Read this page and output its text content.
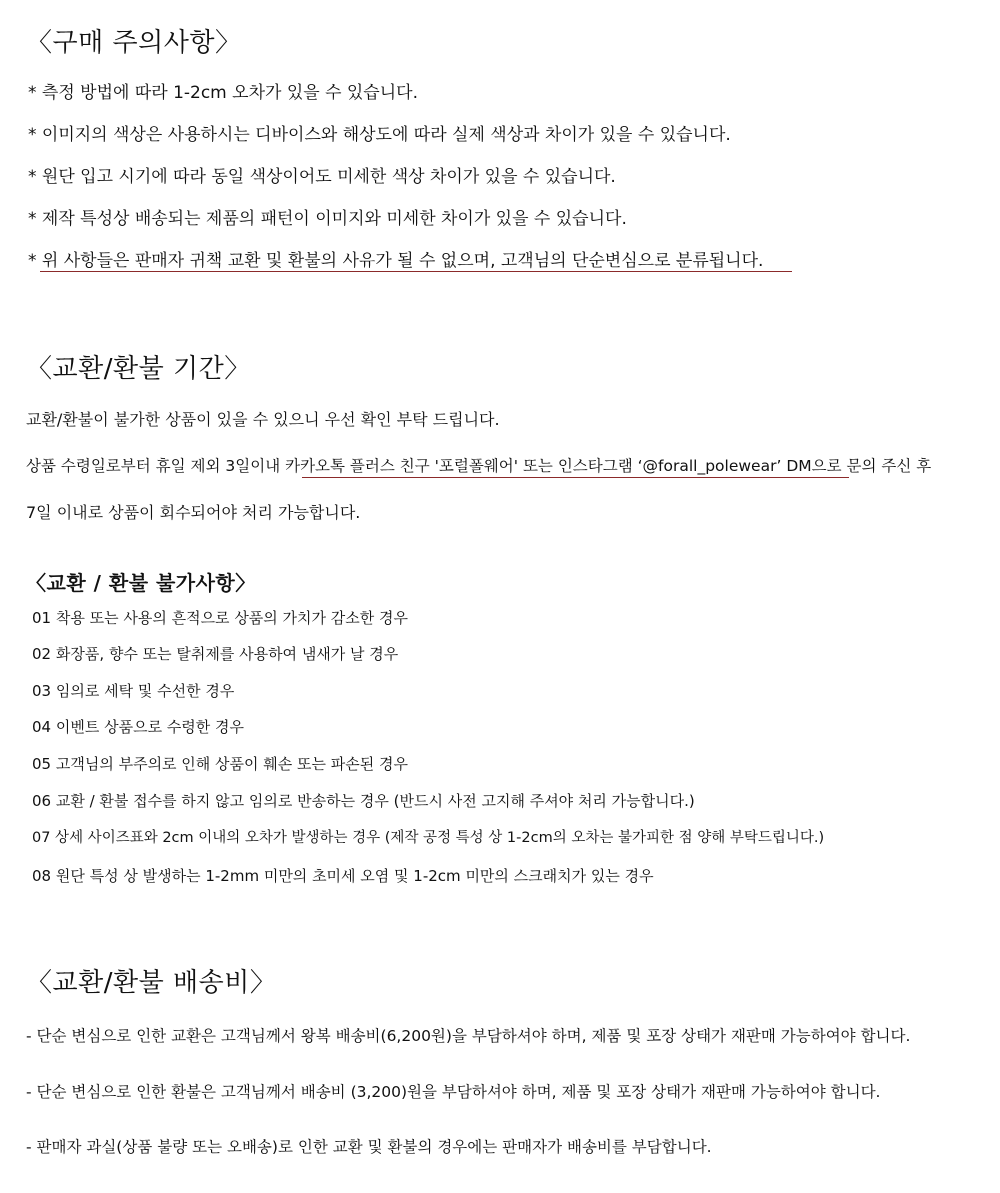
〈구매 주의사항〉

* 측정 방법에 따라 1-2cm 오차가 있을 수 있습니다.

* 이미지의 색상은 사용하시는 디바이스와 해상도에 따라 실제 색상과 차이가 있을 수 있습니다.

* 원단 입고 시기에 따라 동일 색상이어도 미세한 색상 차이가 있을 수 있습니다.

* 제작 특성상 배송되는 제품의 패턴이 이미지와 미세한 차이가 있을 수 있습니다.

* 위 사항들은 판매자 귀책 교환 및 환불의 사유가 될 수 없으며, 고객님의 단순변심으로 분류됩니다.

〈교환/환불 기간〉

교환/환불이 불가한 상품이 있을 수 있으니 우선 확인 부탁 드립니다.

상품 수령일로부터 휴일 제외 3일이내 카카오톡 플러스 친구 '포럴폴웨어' 또는 인스타그램 ‘@forall_polewear’ DM으로 문의 주신 후

7일 이내로 상품이 회수되어야 처리 가능합니다.

〈교환 / 환불 불가사항〉

01 착용 또는 사용의 흔적으로 상품의 가치가 감소한 경우

02 화장품, 향수 또는 탈취제를 사용하여 냄새가 날 경우

03 임의로 세탁 및 수선한 경우

04 이벤트 상품으로 수령한 경우

05 고객님의 부주의로 인해 상품이 훼손 또는 파손된 경우

06 교환 / 환불 접수를 하지 않고 임의로 반송하는 경우 (반드시 사전 고지해 주셔야 처리 가능합니다.)

07 상세 사이즈표와 2cm 이내의 오차가 발생하는 경우 (제작 공정 특성 상 1-2cm의 오차는 불가피한 점 양해 부탁드립니다.)

08 원단 특성 상 발생하는 1-2mm 미만의 초미세 오염 및 1-2cm 미만의 스크래치가 있는 경우

〈교환/환불 배송비〉

- 단순 변심으로 인한 교환은 고객님께서 왕복 배송비(6,200원)을 부담하셔야 하며, 제품 및 포장 상태가 재판매 가능하여야 합니다.

- 단순 변심으로 인한 환불은 고객님께서 배송비 (3,200)원을 부담하셔야 하며, 제품 및 포장 상태가 재판매 가능하여야 합니다.

- 판매자 과실(상품 불량 또는 오배송)로 인한 교환 및 환불의 경우에는 판매자가 배송비를 부담합니다.
